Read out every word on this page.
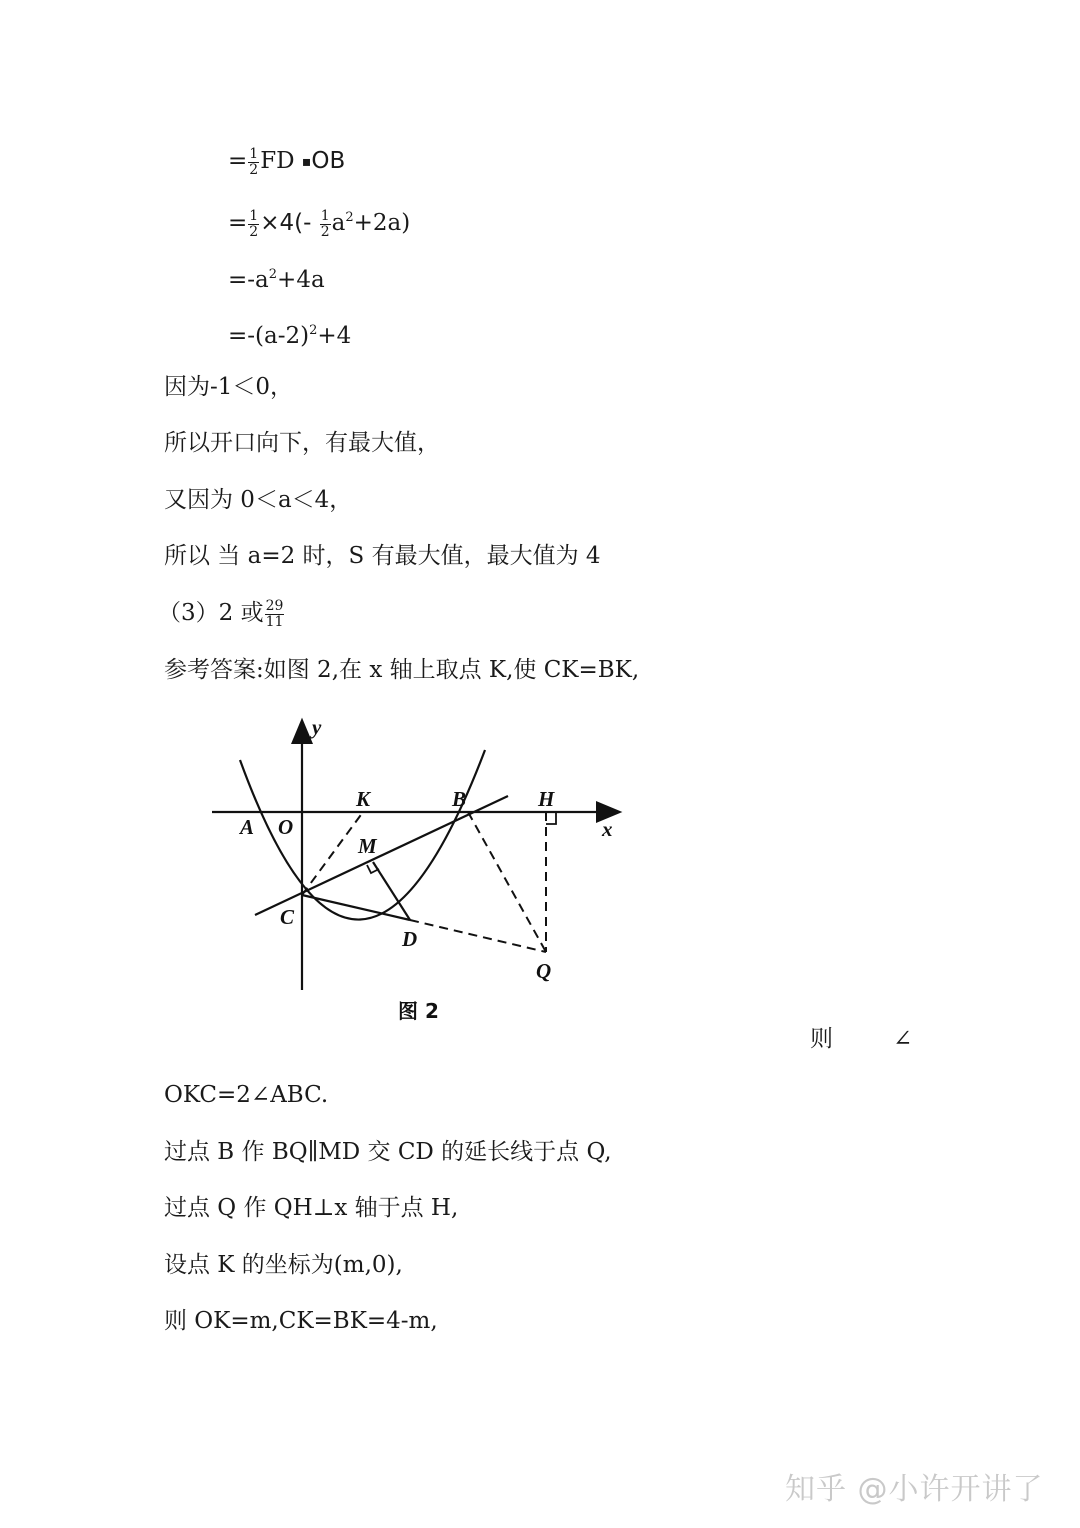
= $\frac{1}{2}$ FD ▪OB
= $\frac{1}{2} \times 4(- \frac{1}{2} a^2+2a)$
$=-a^2+4a$
$=-(a-2)^2+4$
因为-1＜0，
所以开口向下，有最大值，
又因为 0＜a＜4，
所以 当 a=2 时，S 有最大值，最大值为 4
（3）2 或 $\frac{29}{11}$
参考答案:如图 2,在 x 轴上取点 K,使 CK=BK,
y
x
A O
K	B	H
M
C
D
Q
图 2
则	∠
OKC=2∠ABC.
过点 B 作 BQ∥MD 交 CD 的延长线于点 Q,
过点 Q 作 QH⊥x 轴于点 H,
设点 K 的坐标为(m,0),
则 OK=m,CK=BK=4-m,
知乎 @小许开讲了
